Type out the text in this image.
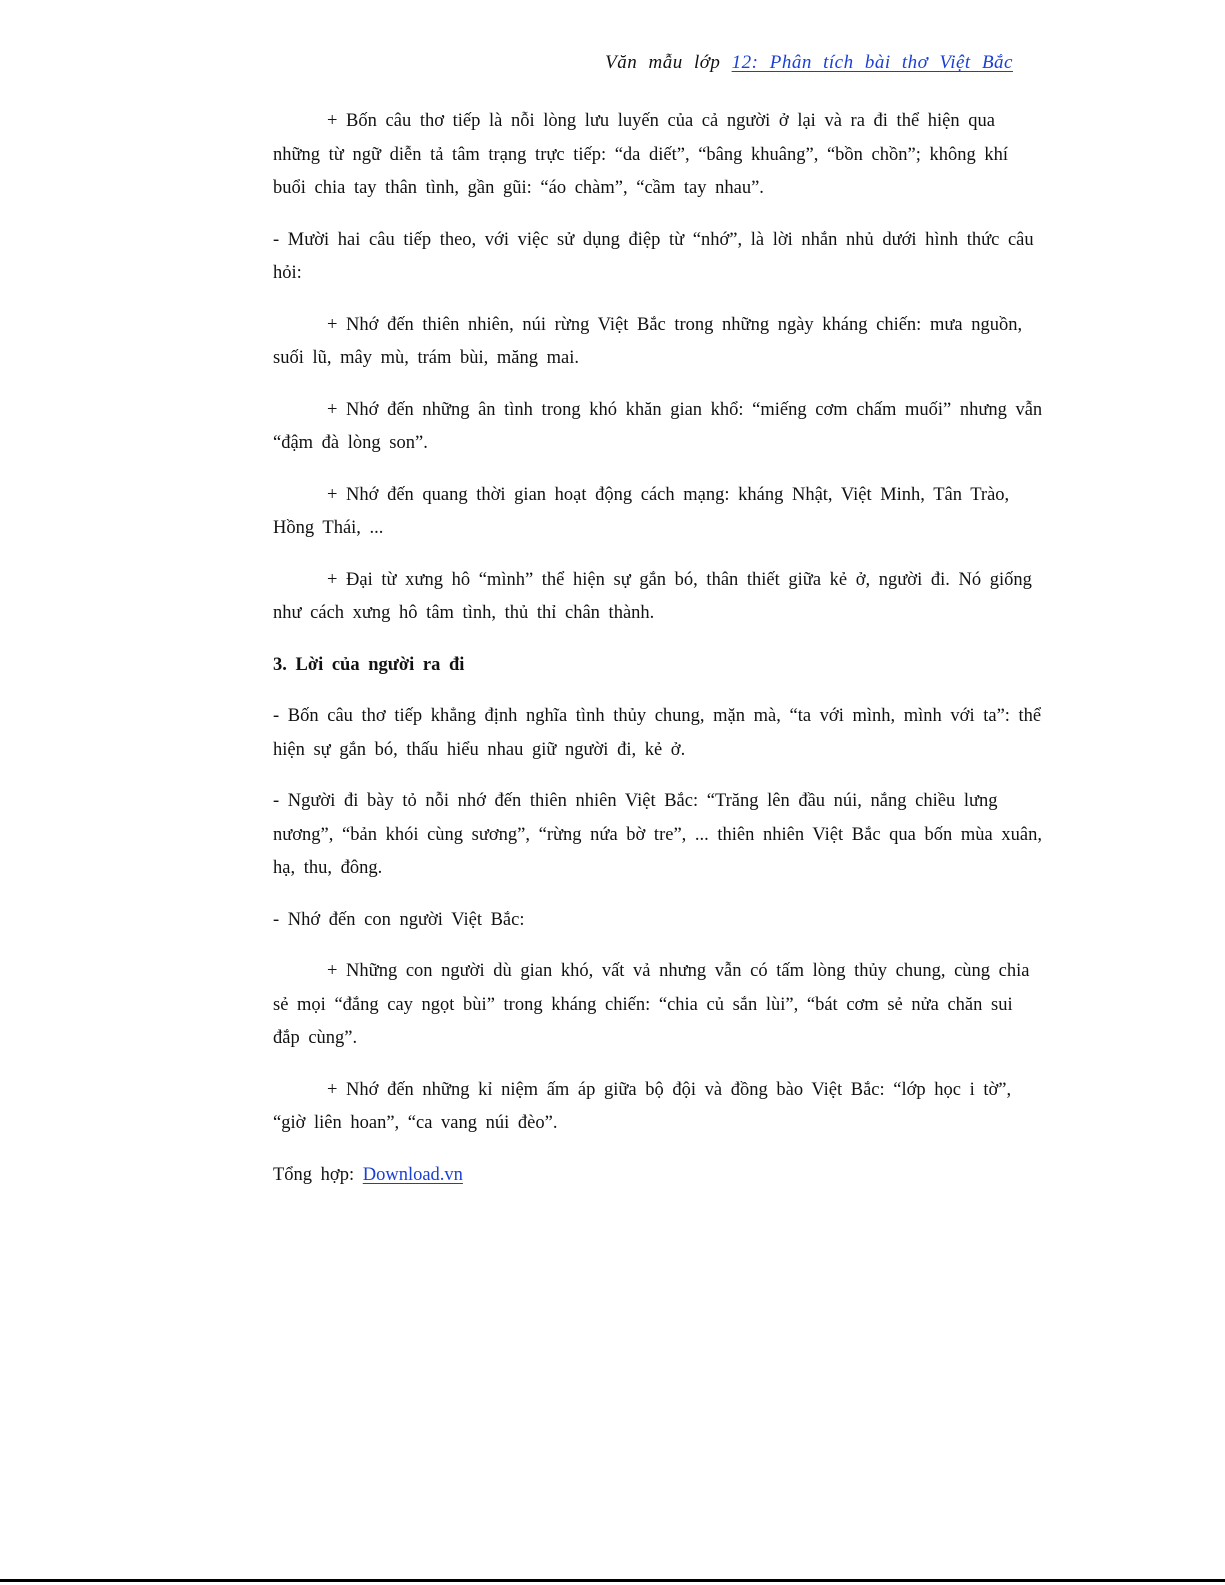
Văn mẫu lớp 12: Phân tích bài thơ Việt Bắc

+ Bốn câu thơ tiếp là nỗi lòng lưu luyến của cả người ở lại và ra đi thể hiện qua những từ ngữ diễn tả tâm trạng trực tiếp: “da diết”, “bâng khuâng”, “bồn chồn”; không khí buổi chia tay thân tình, gần gũi: “áo chàm”, “cầm tay nhau”.

- Mười hai câu tiếp theo, với việc sử dụng điệp từ “nhớ”, là lời nhắn nhủ dưới hình thức câu hỏi:

+ Nhớ đến thiên nhiên, núi rừng Việt Bắc trong những ngày kháng chiến: mưa nguồn, suối lũ, mây mù, trám bùi, măng mai.

+ Nhớ đến những ân tình trong khó khăn gian khổ: “miếng cơm chấm muối” nhưng vẫn “đậm đà lòng son”.

+ Nhớ đến quang thời gian hoạt động cách mạng: kháng Nhật, Việt Minh, Tân Trào, Hồng Thái, ...

+ Đại từ xưng hô “mình” thể hiện sự gắn bó, thân thiết giữa kẻ ở, người đi. Nó giống như cách xưng hô tâm tình, thủ thỉ chân thành.

3. Lời của người ra đi

- Bốn câu thơ tiếp khẳng định nghĩa tình thủy chung, mặn mà, “ta với mình, mình với ta”: thể hiện sự gắn bó, thấu hiểu nhau giữ người đi, kẻ ở.

- Người đi bày tỏ nỗi nhớ đến thiên nhiên Việt Bắc: “Trăng lên đầu núi, nắng chiều lưng nương”, “bản khói cùng sương”, “rừng nứa bờ tre”, ... thiên nhiên Việt Bắc qua bốn mùa xuân, hạ, thu, đông.

- Nhớ đến con người Việt Bắc:

+ Những con người dù gian khó, vất vả nhưng vẫn có tấm lòng thủy chung, cùng chia sẻ mọi “đắng cay ngọt bùi” trong kháng chiến: “chia củ sắn lùi”, “bát cơm sẻ nửa chăn sui đắp cùng”.

+ Nhớ đến những kỉ niệm ấm áp giữa bộ đội và đồng bào Việt Bắc: “lớp học i tờ”, “giờ liên hoan”, “ca vang núi đèo”.

Tổng hợp: Download.vn
